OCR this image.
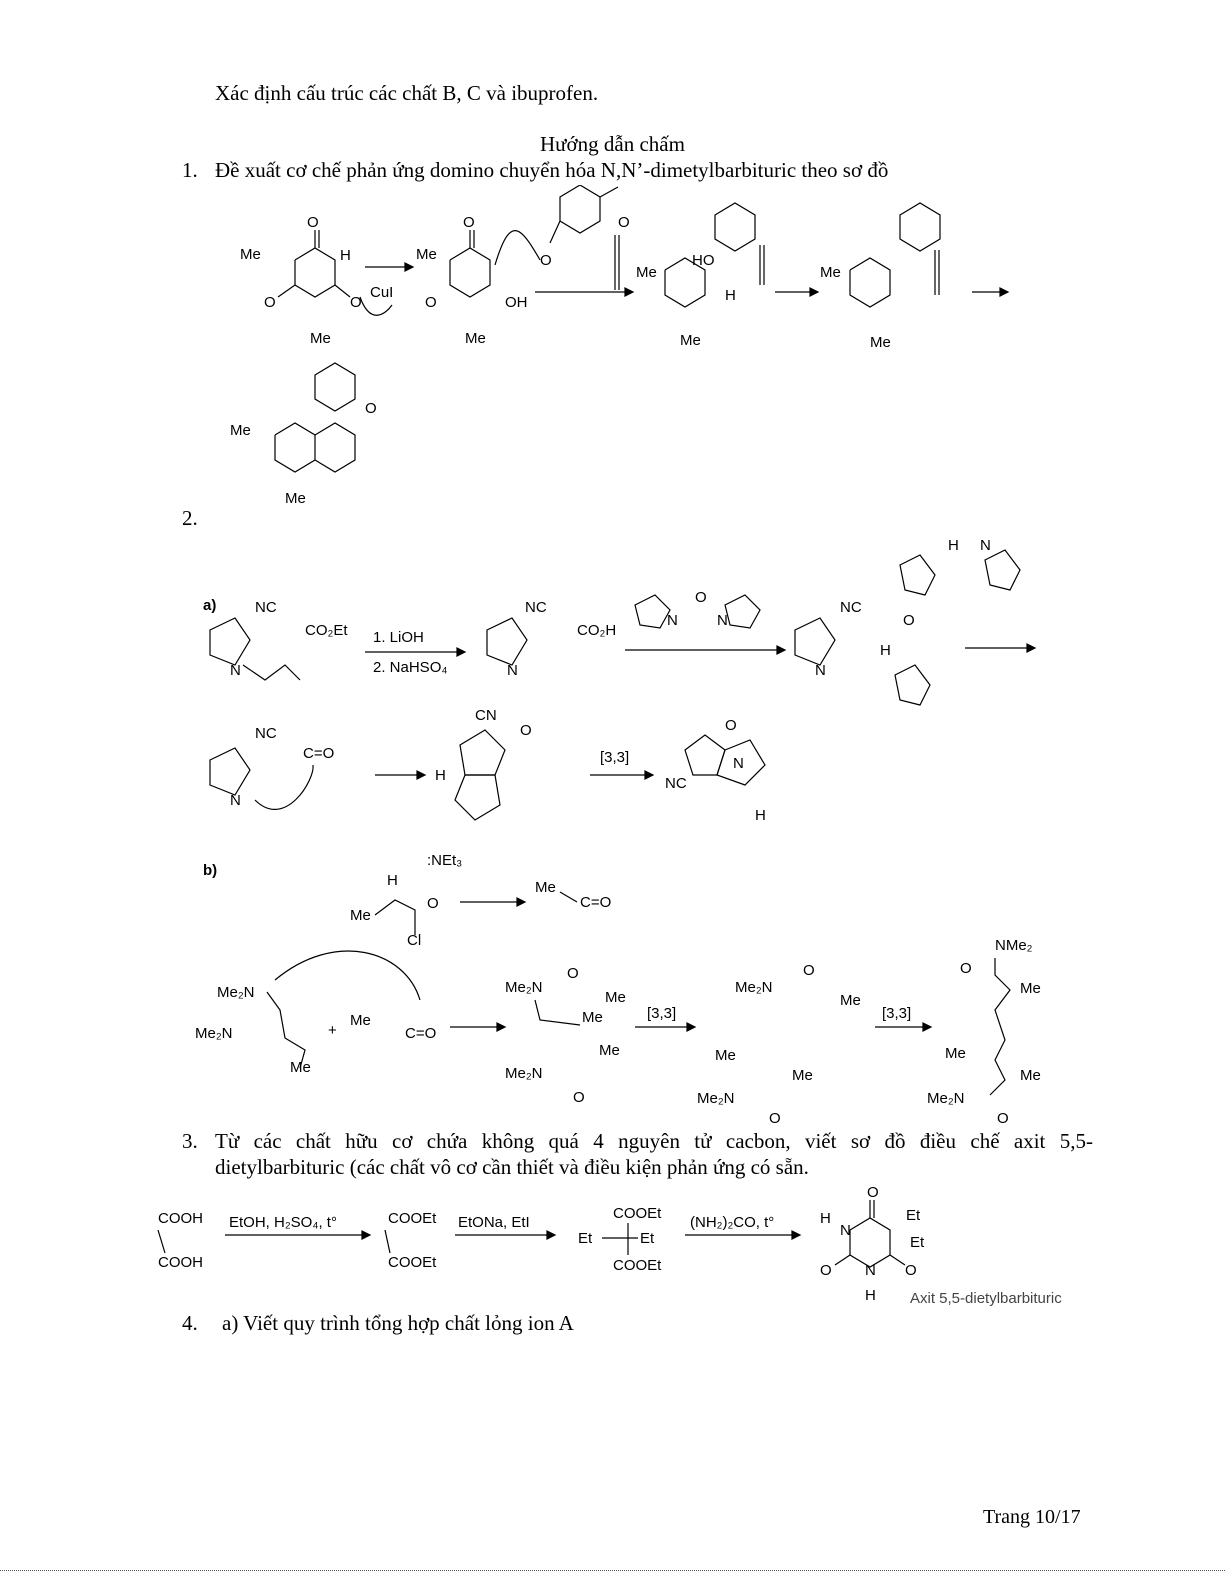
Xác định cấu trúc các chất B, C và ibuprofen.
Hướng dẫn chấm
1. Đề xuất cơ chế phản ứng domino chuyển hóa N,N’-dimetylbarbituric theo sơ đồ
O
O	O
Me
Me
H
CuI
O
Me
Me
OH
O
O
O
Me
Me
HO
H
Me
Me
Me
Me
O
2.
a)	NC
CO₂Et
N
1. LiOH
2. NaHSO₄
NC
CO₂H
N
O
N	N
NC
N
O
H
H N
NC
C=O
N
CN
H
O
[3,3]
O
N
NC
H
b)
:NEt₃
H
Me
O
Cl
Me
C=O
Me₂N
Me₂N
Me
+
Me
C=O
Me₂N
Me
Me
Me
Me₂N
O
O
[3,3]
Me₂N
Me
O
Me
Me
Me₂N
O
[3,3]
NMe₂
O
Me
Me
Me
Me₂N
O
3. Từ các chất hữu cơ chứa không quá 4 nguyên tử cacbon, viết sơ đồ điều chế axit 5,5-
dietylbarbituric (các chất vô cơ cần thiết và điều kiện phản ứng có sẵn.
COOH
COOH
EtOH, H₂SO₄, t°	COOEt
COOEt
EtONa, EtI
COOEt
Et	Et
COOEt
(NH₂)₂CO, t°
O
O	O
H
N
N
H
Et
Et
Axit 5,5-dietylbarbituric
4. a) Viết quy trình tổng hợp chất lỏng ion A
Trang 10/17
